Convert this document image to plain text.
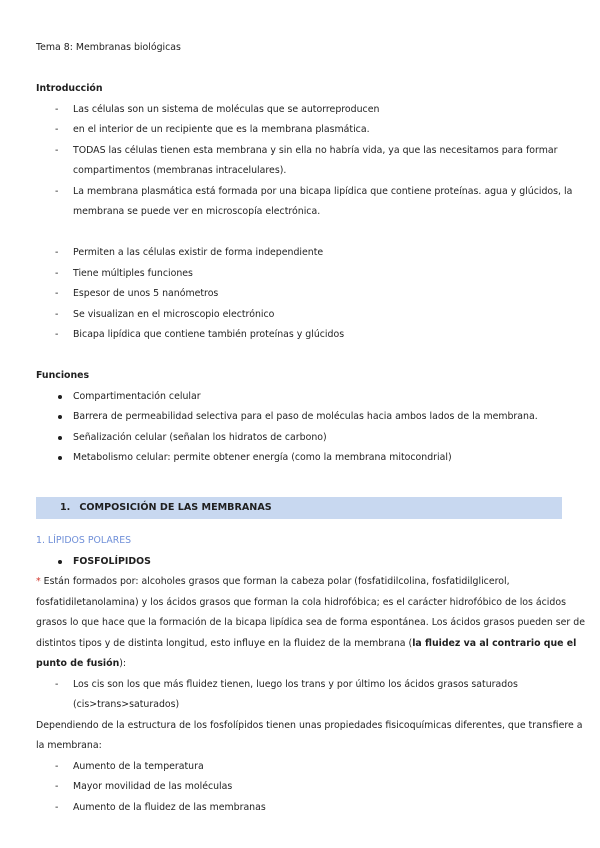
Tema 8: Membranas biológicas
Introducción
- Las células son un sistema de moléculas que se autorreproducen
- en el interior de un recipiente que es la membrana plasmática.
- TODAS las células tienen esta membrana y sin ella no habría vida, ya que las necesitamos para formar
compartimentos (membranas intracelulares).
- La membrana plasmática está formada por una bicapa lipídica que contiene proteínas. agua y glúcidos, la
membrana se puede ver en microscopía electrónica.
- Permiten a las células existir de forma independiente
- Tiene múltiples funciones
- Espesor de unos 5 nanómetros
- Se visualizan en el microscopio electrónico
- Bicapa lipídica que contiene también proteínas y glúcidos
Funciones
Compartimentación celular
Barrera de permeabilidad selectiva para el paso de moléculas hacia ambos lados de la membrana.
Señalización celular (señalan los hidratos de carbono)
Metabolismo celular: permite obtener energía (como la membrana mitocondrial)
1. COMPOSICIÓN DE LAS MEMBRANAS
1. LÍPIDOS POLARES
FOSFOLÍPIDOS
* Están formados por: alcoholes grasos que forman la cabeza polar (fosfatidilcolina, fosfatidilglicerol,
fosfatidiletanolamina) y los ácidos grasos que forman la cola hidrofóbica; es el carácter hidrofóbico de los ácidos
grasos lo que hace que la formación de la bicapa lipídica sea de forma espontánea. Los ácidos grasos pueden ser de
distintos tipos y de distinta longitud, esto influye en la fluidez de la membrana (la fluidez va al contrario que el
punto de fusión):
- Los cis son los que más fluidez tienen, luego los trans y por último los ácidos grasos saturados
(cis>trans>saturados)
Dependiendo de la estructura de los fosfolípidos tienen unas propiedades fisicoquímicas diferentes, que transfiere a
la membrana:
- Aumento de la temperatura
- Mayor movilidad de las moléculas
- Aumento de la fluidez de las membranas
